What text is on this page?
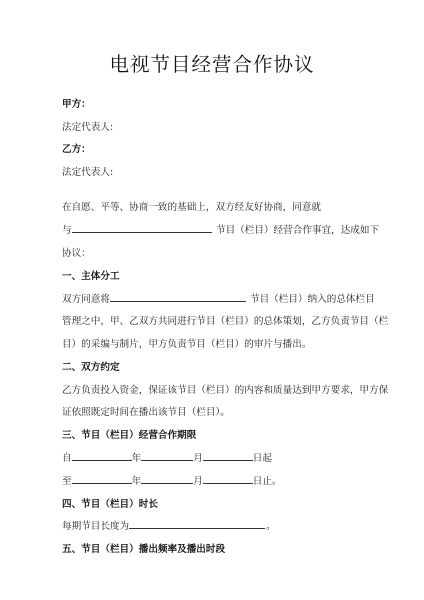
电视节目经营合作协议
甲方：
法定代表人:
乙方：
法定代表人:
在自愿、平等、协商一致的基础上，双方经友好协商，同意就
与	节目（栏目）经营合作事宜，达成如下
协议：
一、主体分工
双方同意将	节目（栏目）纳入的总体栏目
管理之中，甲、乙双方共同进行节目（栏目）的总体策划，乙方负责节目（栏
目）的采编与制片，甲方负责节目（栏目）的审片与播出。
二、双方约定
乙方负责投入资金，保证该节目（栏目）的内容和质量达到甲方要求，甲方保
证依照既定时间在播出该节目（栏目）。
三、节目（栏目）经营合作期限
自	年	月	日起
至	年	月	日止。
四、节目（栏目）时长
每期节目长度为	。
五、节目（栏目）播出频率及播出时段
